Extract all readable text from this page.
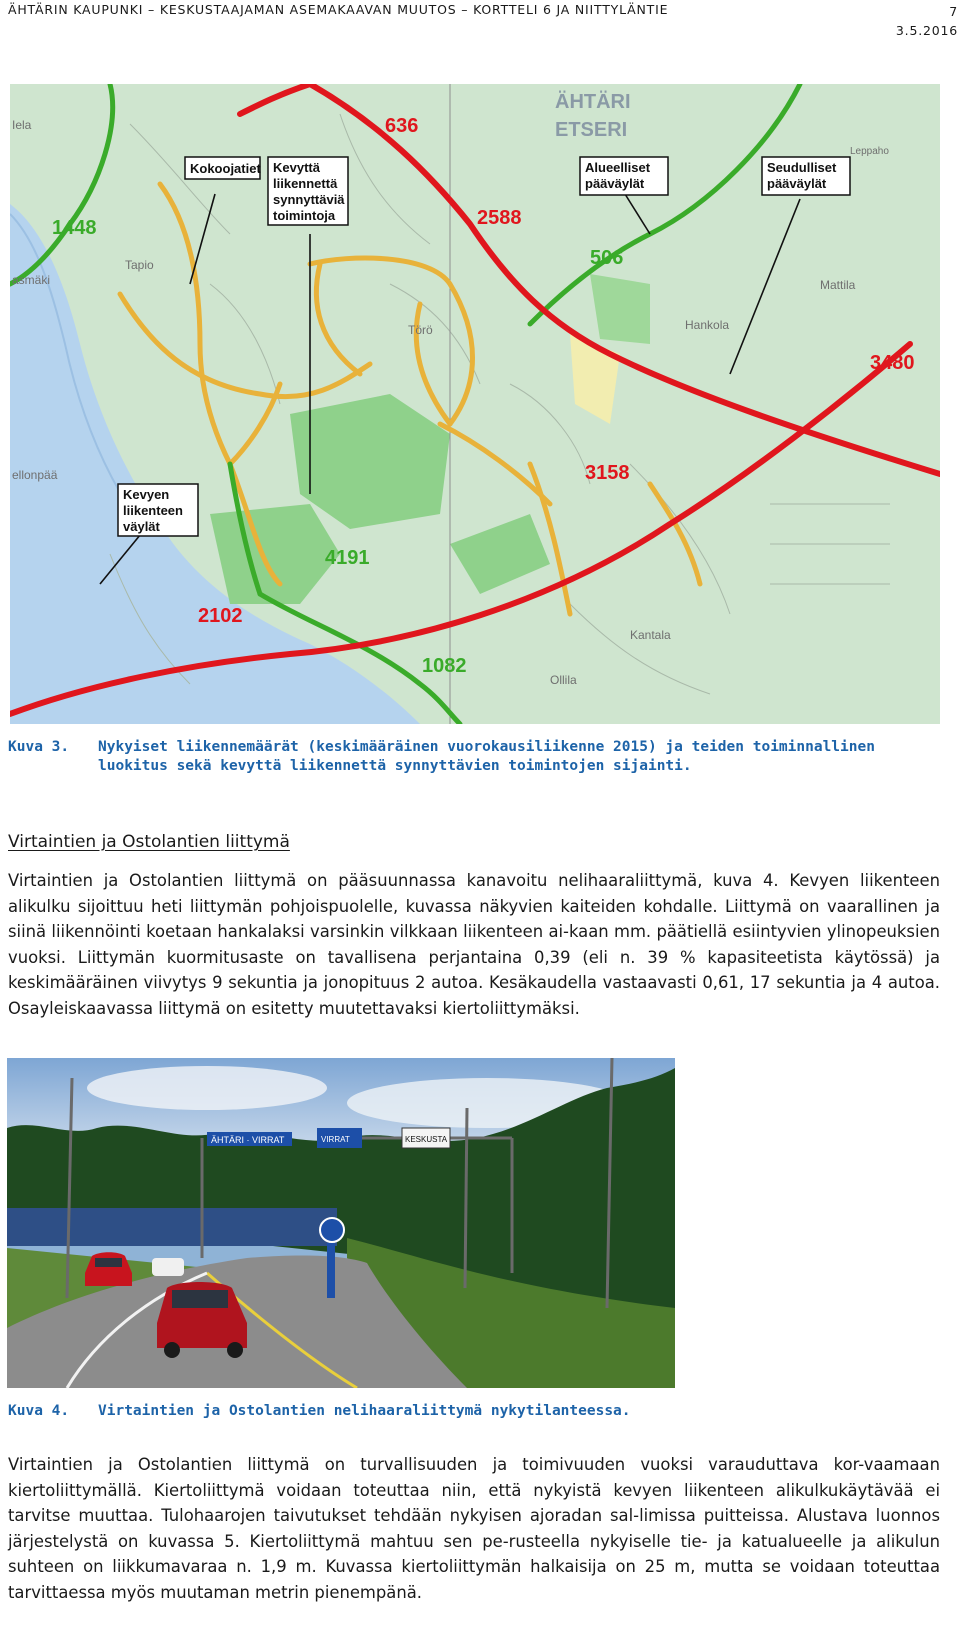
ÄHTÄRIN KAUPUNKI – KESKUSTAAJAMAN ASEMAKAAVAN MUUTOS – KORTTELI 6 JA NIITTYLÄNTIE	7
3.5.2016
636
1448	2588
506
3480
3158
4191
2102
1082
ÄHTÄRI
ETSERI
Tapio
Törö	Hankola
Mattila
Kantala
Ollila
Iela
asmäki
ellonpää
Leppaho
Kokoojatiet Kevyttä
liikennettä
synnyttäviä
toimintoja
Alueelliset
pääväylät
Seudulliset
pääväylät
Kevyen
liikenteen
väylät
Kuva 3. Nykyiset liikennemäärät (keskimääräinen vuorokausiliikenne 2015) ja teiden toiminnallinen luokitus sekä kevyttä liikennettä synnyttävien toimintojen sijainti.
Virtaintien ja Ostolantien liittymä

Virtaintien ja Ostolantien liittymä on pääsuunnassa kanavoitu nelihaaraliittymä, kuva 4. Kevyen liikenteen alikulku sijoittuu heti liittymän pohjoispuolelle, kuvassa näkyvien kaiteiden kohdalle. Liittymä on vaarallinen ja siinä liikennöinti koetaan hankalaksi varsinkin vilkkaan liikenteen ai-kaan mm. päätiellä esiintyvien ylinopeuksien vuoksi. Liittymän kuormitusaste on tavallisena perjantaina 0,39 (eli n. 39 % kapasiteetista käytössä) ja keskimääräinen viivytys 9 sekuntia ja jonopituus 2 autoa. Kesäkaudella vastaavasti 0,61, 17 sekuntia ja 4 autoa. Osayleiskaavassa liittymä on esitetty muutettavaksi kiertoliittymäksi.

ÄHTÄRI · VIRRAT	VIRRAT	KESKUSTA
Kuva 4. Virtaintien ja Ostolantien nelihaaraliittymä nykytilanteessa.

Virtaintien ja Ostolantien liittymä on turvallisuuden ja toimivuuden vuoksi varauduttava kor-vaamaan kiertoliittymällä. Kiertoliittymä voidaan toteuttaa niin, että nykyistä kevyen liikenteen alikulkukäytävää ei tarvitse muuttaa. Tulohaarojen taivutukset tehdään nykyisen ajoradan sal-limissa puitteissa. Alustava luonnos järjestelystä on kuvassa 5. Kiertoliittymä mahtuu sen pe-rusteella nykyiselle tie- ja katualueelle ja alikulun suhteen on liikkumavaraa n. 1,9 m. Kuvassa kiertoliittymän halkaisija on 25 m, mutta se voidaan toteuttaa tarvittaessa myös muutaman metrin pienempänä.
